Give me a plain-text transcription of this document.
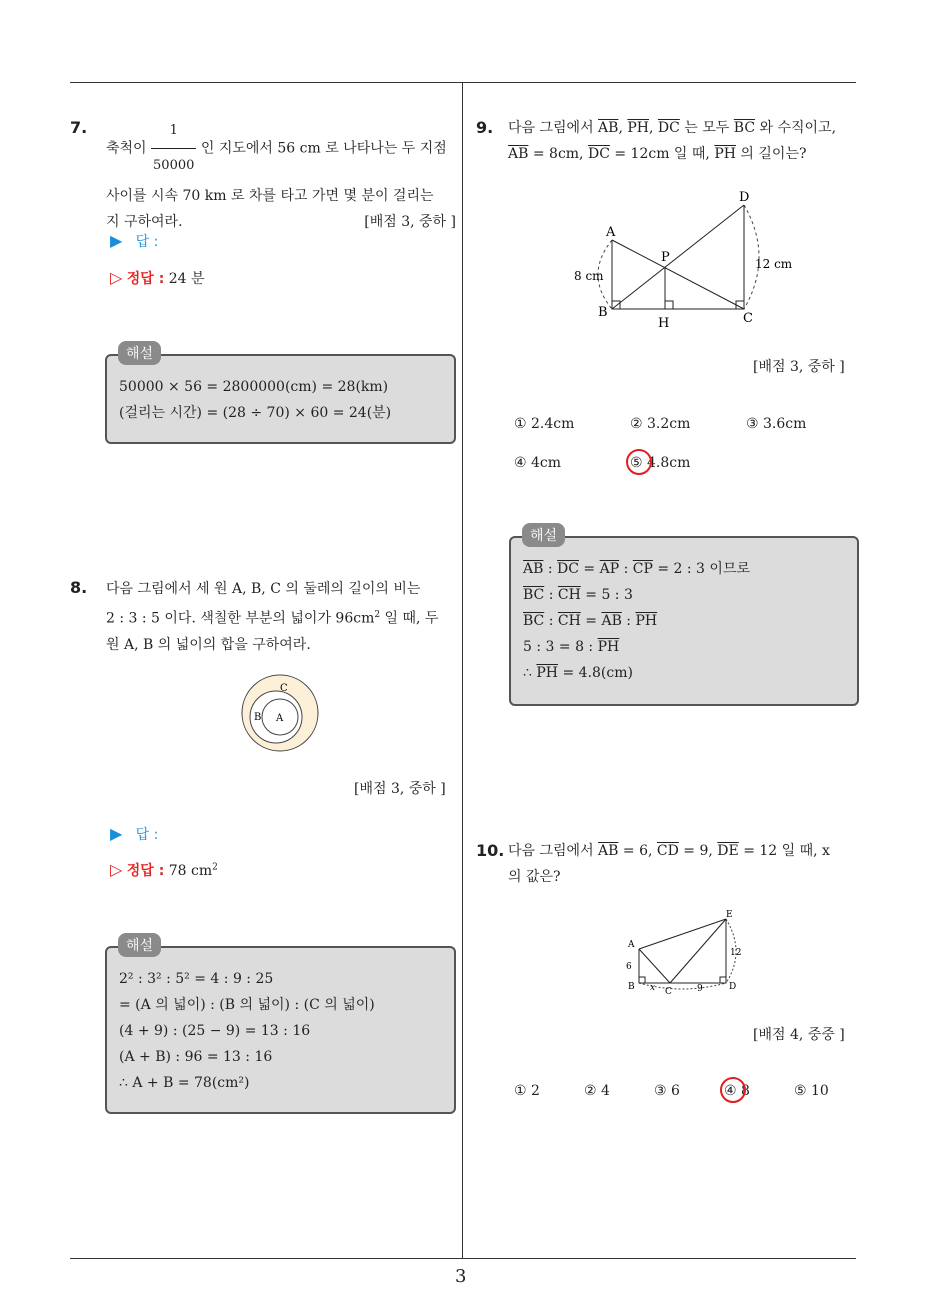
3
7.
축척이 $\frac{1}{50000}$ 인 지도에서 56 cm 로 나타나는 두 지점
사이를 시속 70 km 로 차를 타고 가면 몇 분이 걸리는
지 구하여라.	[배점 3, 중하 ]
▶ 답 :
▷ 정답 : 24 분
50000 × 56 = 2800000(cm) = 28(km)
(걸리는 시간) = (28 ÷ 70) × 60 = 24(분)
해설
8. 다음 그림에서 세 원 A, B, C 의 둘레의 길이의 비는
2 : 3 : 5 이다. 색칠한 부분의 넓이가 $96cm^2$ 일 때, 두
원 A, B 의 넓이의 합을 구하여라.
C
B A
[배점 3, 중하 ]
▶ 답 :
▷ 정답 : 78 $cm^2$
2² : 3² : 5² = 4 : 9 : 25
= (A 의 넓이) : (B 의 넓이) : (C 의 넓이)
(4 + 9) : (25 − 9) = 13 : 16
(A + B) : 96 = 13 : 16
∴ A + B = 78(cm²)
해설
9. 다음 그림에서 $\overline{AB}$, $\overline{PH}$, $\overline{DC}$ 는 모두 $\overline{BC}$ 와 수직이고,
$\overline{AB} = 8cm$, $\overline{DC} = 12cm$ 일 때, $\overline{PH}$ 의 길이는?
A
B	C
D
P
H
8 cm
12 cm
[배점 3, 중하 ]
① 2.4cm	② 3.2cm	③ 3.6cm
④ 4cm	⑤ 4.8cm
$\overline{AB}$ : $\overline{DC} = \overline{AP}$ : $\overline{CP} = 2$ : 3 이므로
$\overline{BC}$ : $\overline{CH} = 5$ : 3
$\overline{BC}$ : $\overline{CH} = \overline{AB}$ : $\overline{PH}$
5 : 3 = 8 : $\overline{PH}$
∴ $\overline{PH} = 4.8(cm)$
해설
10. 다음 그림에서 $\overline{AB} = 6$, $\overline{CD} = 9$, $\overline{DE} = 12$ 일 때, x
의 값은?
A
B	C	D
E
6
12
x	9
[배점 4, 중중 ]
① 2	② 4	③ 6	④ 8	⑤ 10
